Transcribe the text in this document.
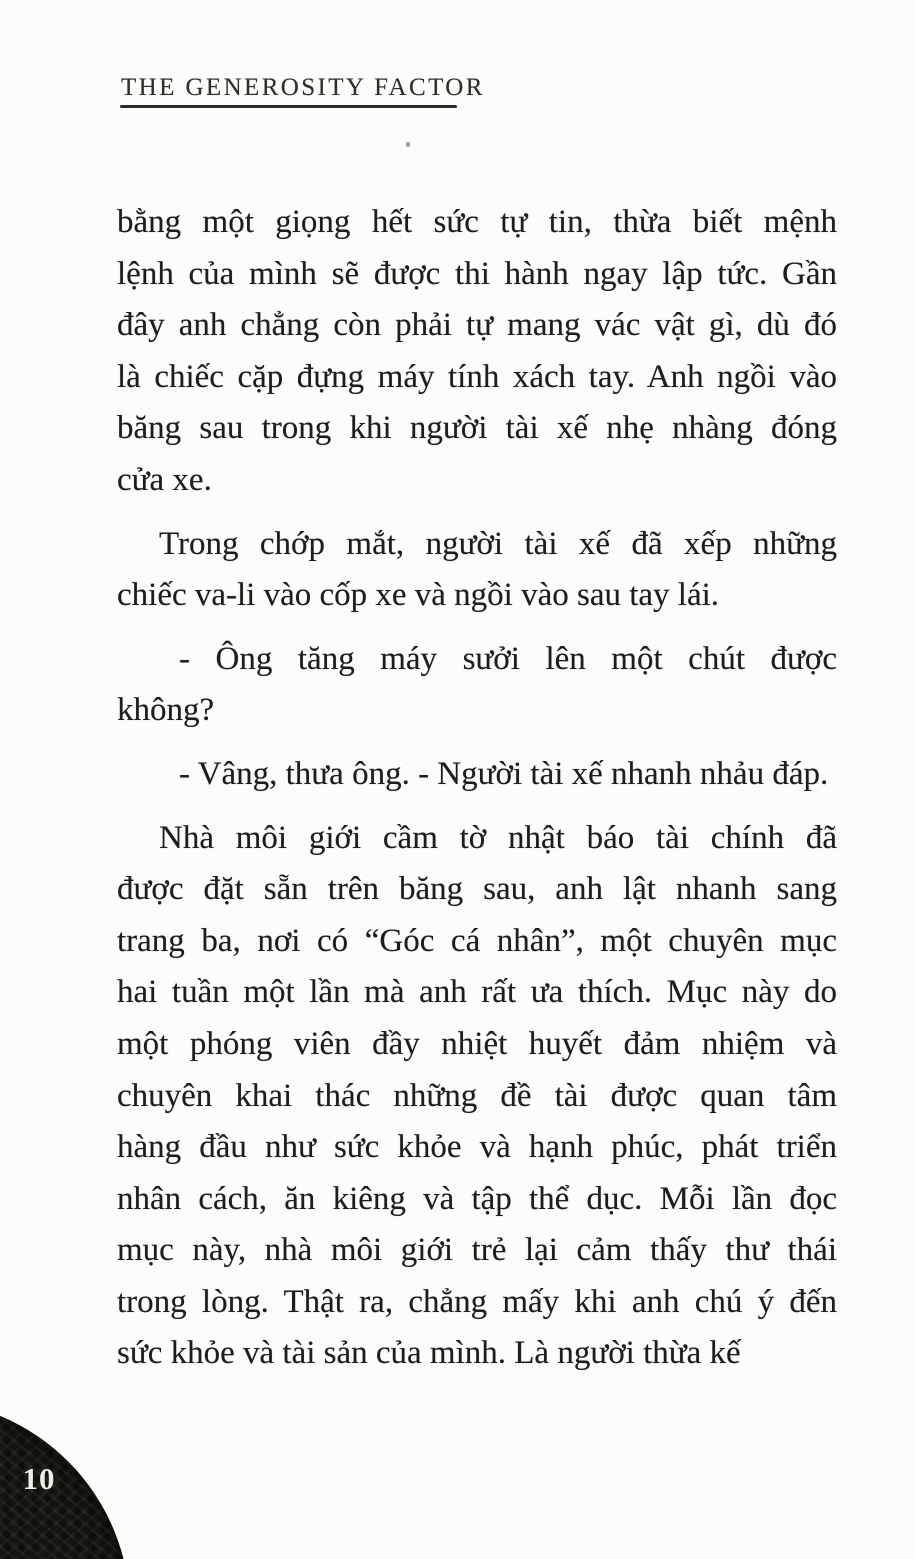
THE GENEROSITY FACTOR
bằng một giọng hết sức tự tin, thừa biết mệnh
lệnh của mình sẽ được thi hành ngay lập tức. Gần
đây anh chẳng còn phải tự mang vác vật gì, dù đó
là chiếc cặp đựng máy tính xách tay. Anh ngồi vào
băng sau trong khi người tài xế nhẹ nhàng đóng
cửa xe.
Trong chớp mắt, người tài xế đã xếp những
chiếc va-li vào cốp xe và ngồi vào sau tay lái.
- Ông tăng máy sưởi lên một chút được
không?
- Vâng, thưa ông. - Người tài xế nhanh nhảu đáp.
Nhà môi giới cầm tờ nhật báo tài chính đã
được đặt sẵn trên băng sau, anh lật nhanh sang
trang ba, nơi có “Góc cá nhân”, một chuyên mục
hai tuần một lần mà anh rất ưa thích. Mục này do
một phóng viên đầy nhiệt huyết đảm nhiệm và
chuyên khai thác những đề tài được quan tâm
hàng đầu như sức khỏe và hạnh phúc, phát triển
nhân cách, ăn kiêng và tập thể dục. Mỗi lần đọc
mục này, nhà môi giới trẻ lại cảm thấy thư thái
trong lòng. Thật ra, chẳng mấy khi anh chú ý đến
sức khỏe và tài sản của mình. Là người thừa kế
10
